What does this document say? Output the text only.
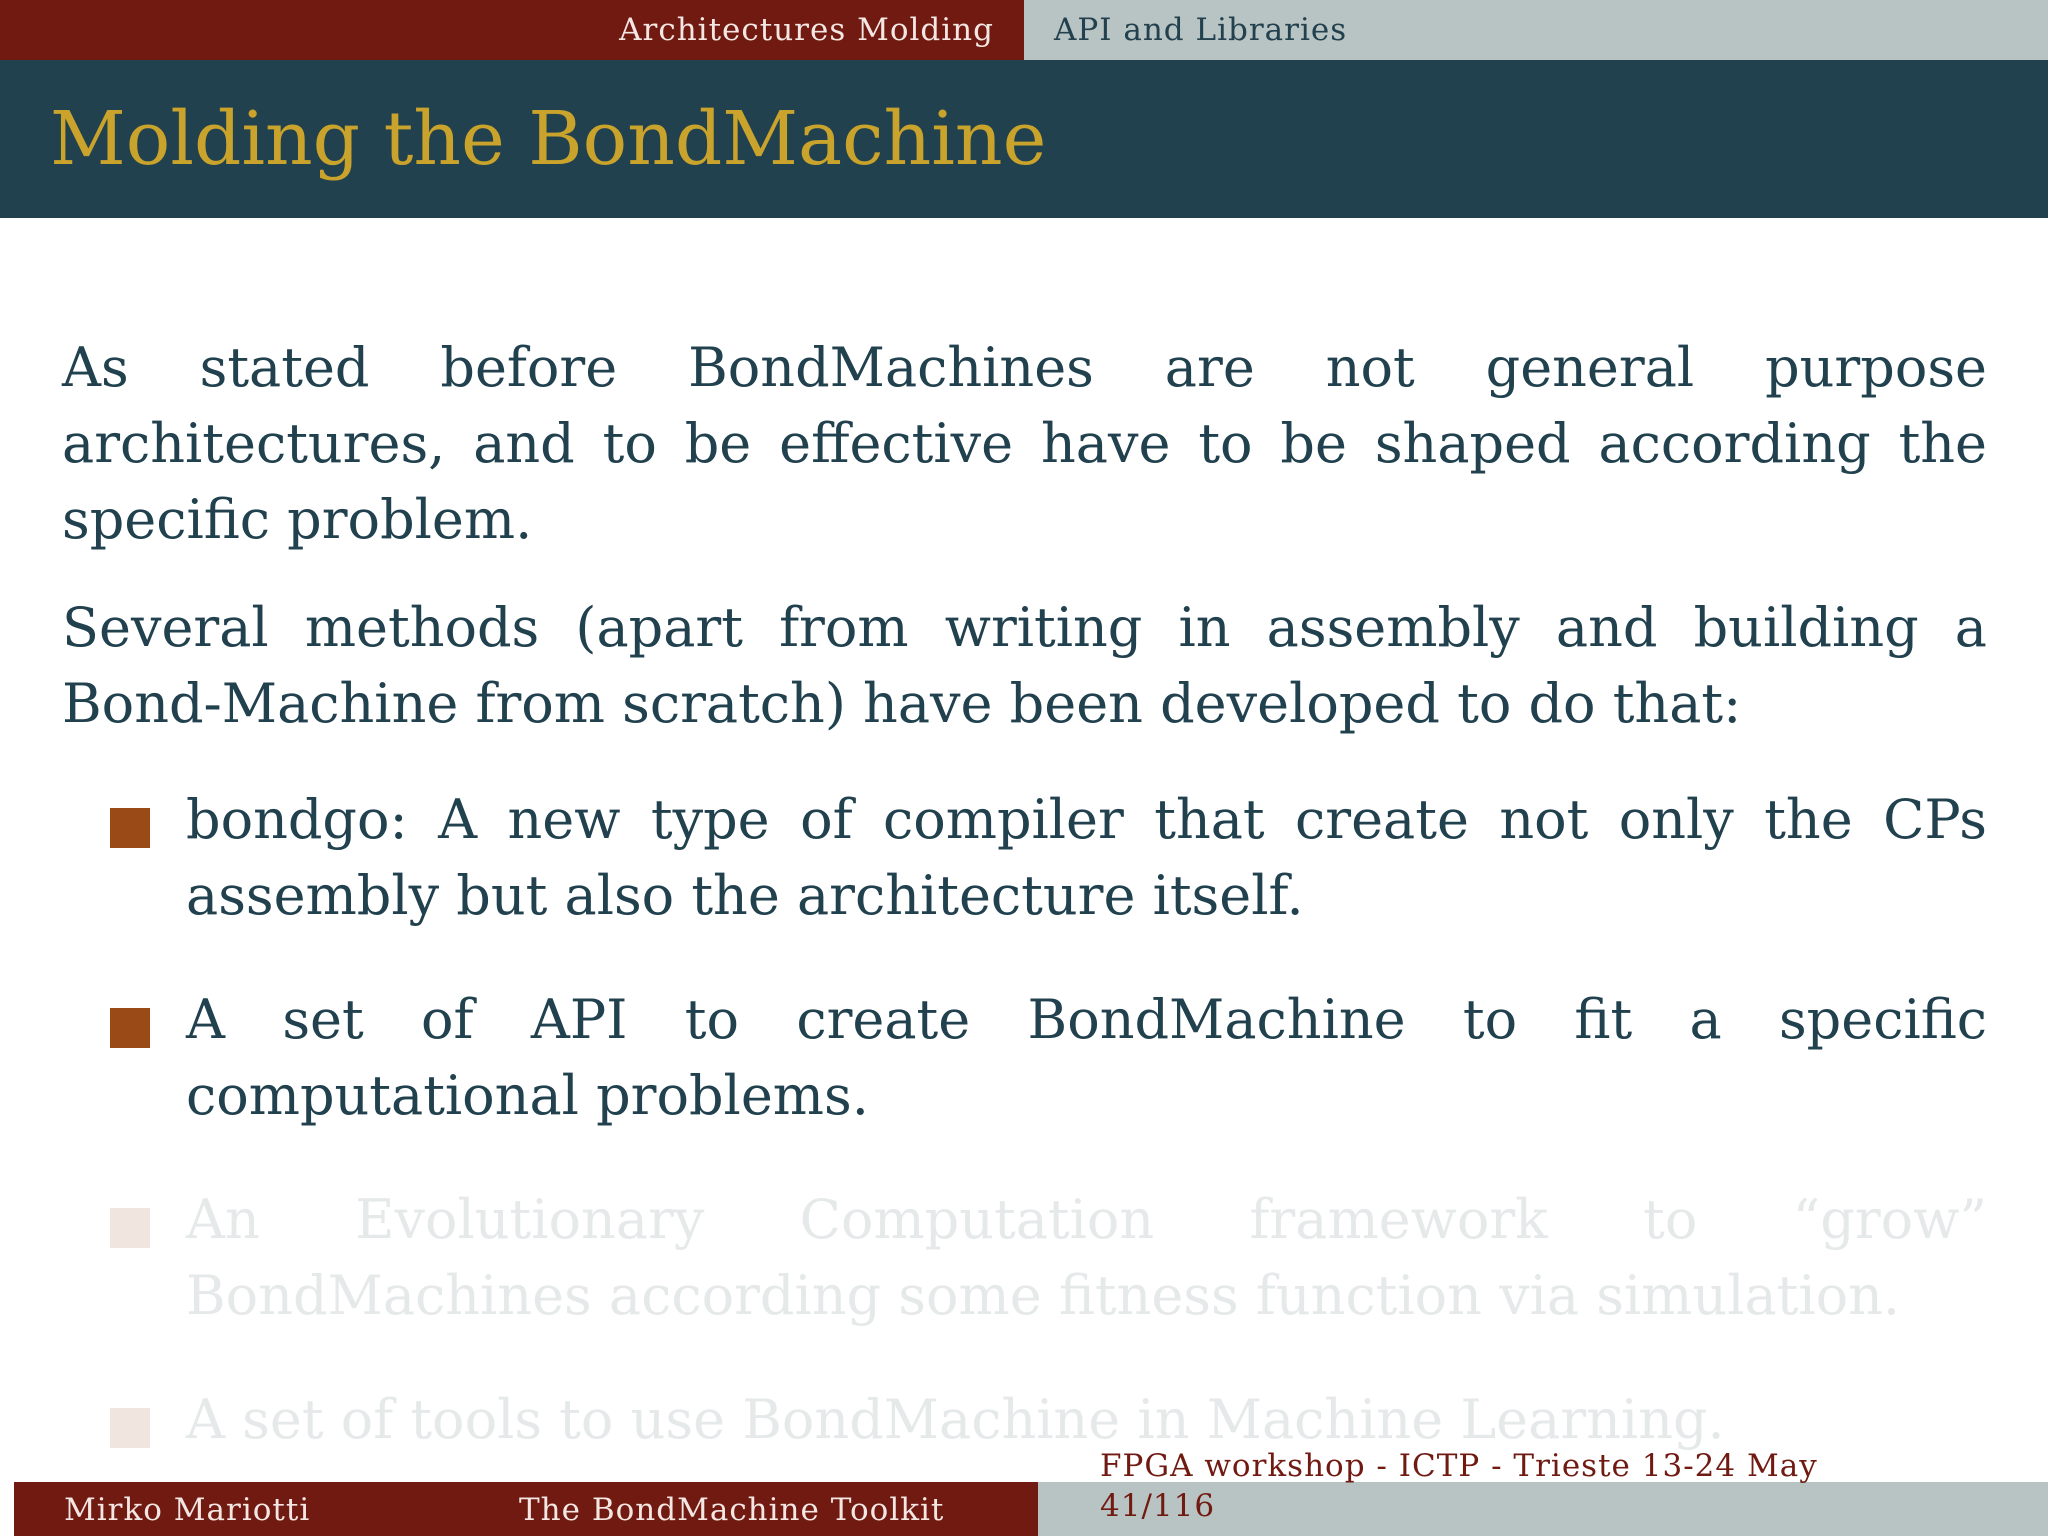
Architectures Molding API and Libraries
Molding the BondMachine

As stated before BondMachines are not general purpose architectures, and to be effective have to be shaped according the specific problem.

Several methods (apart from writing in assembly and building a Bond-Machine from scratch) have been developed to do that:

bondgo: A new type of compiler that create not only the CPs assembly but also the architecture itself.
A set of API to create BondMachine to fit a specific computational problems.
An Evolutionary Computation framework to “grow” BondMachines according some fitness function via simulation.
A set of tools to use BondMachine in Machine Learning.
Mirko Mariotti	The BondMachine Toolkit
FPGA workshop - ICTP - Trieste 13-24 May
41/116
